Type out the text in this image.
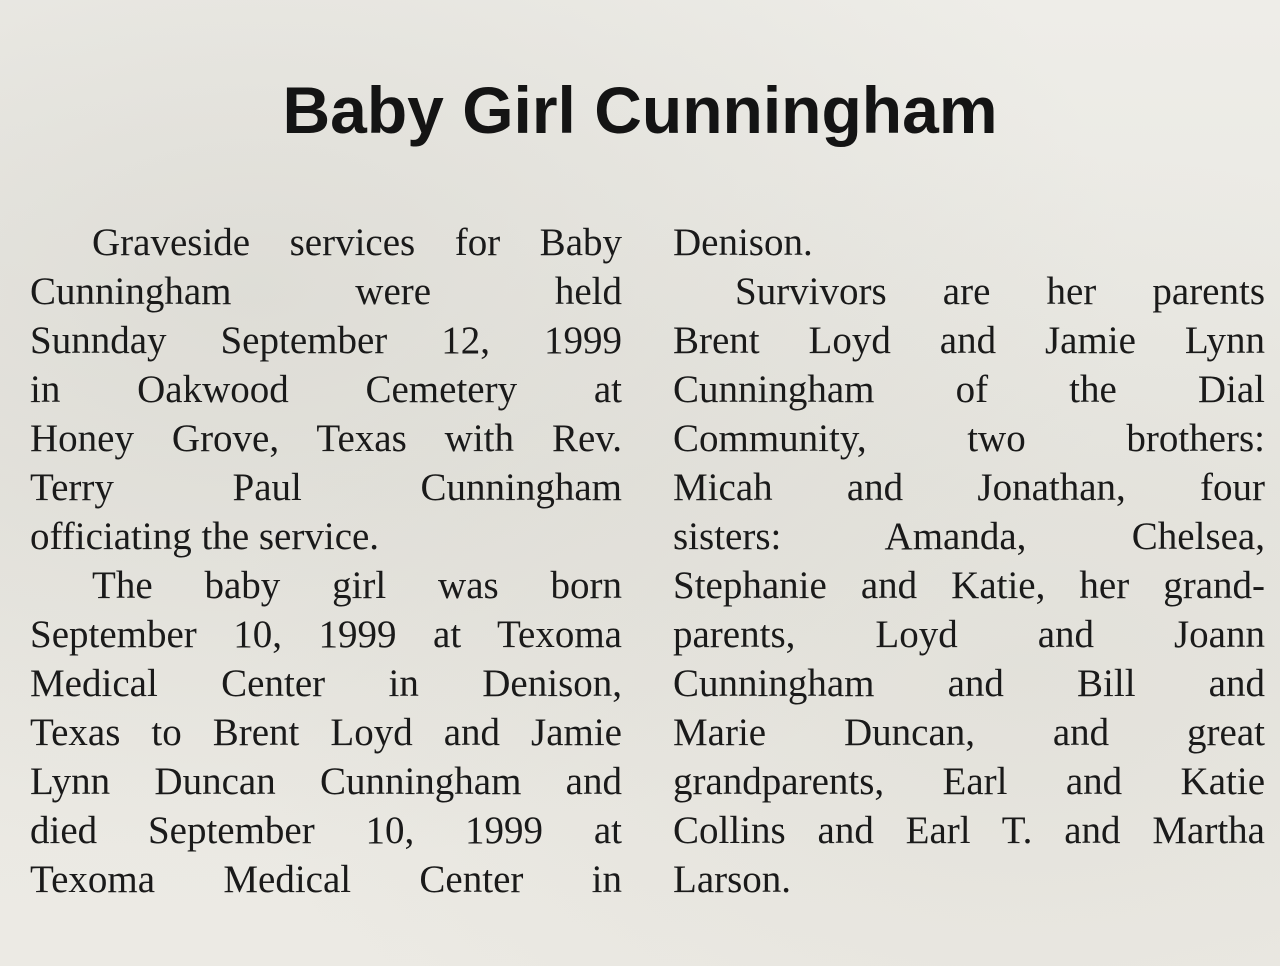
Baby Girl Cunningham
Graveside services for Baby
Cunningham were held
Sunnday September 12, 1999
in Oakwood Cemetery at
Honey Grove, Texas with Rev.
Terry Paul Cunningham
officiating the service.
The baby girl was born
September 10, 1999 at Texoma
Medical Center in Denison,
Texas to Brent Loyd and Jamie
Lynn Duncan Cunningham and
died September 10, 1999 at
Texoma Medical Center in
Denison.
Survivors are her parents
Brent Loyd and Jamie Lynn
Cunningham of the Dial
Community, two brothers:
Micah and Jonathan, four
sisters: Amanda, Chelsea,
Stephanie and Katie, her grand-
parents, Loyd and Joann
Cunningham and Bill and
Marie Duncan, and great
grandparents, Earl and Katie
Collins and Earl T. and Martha
Larson.
